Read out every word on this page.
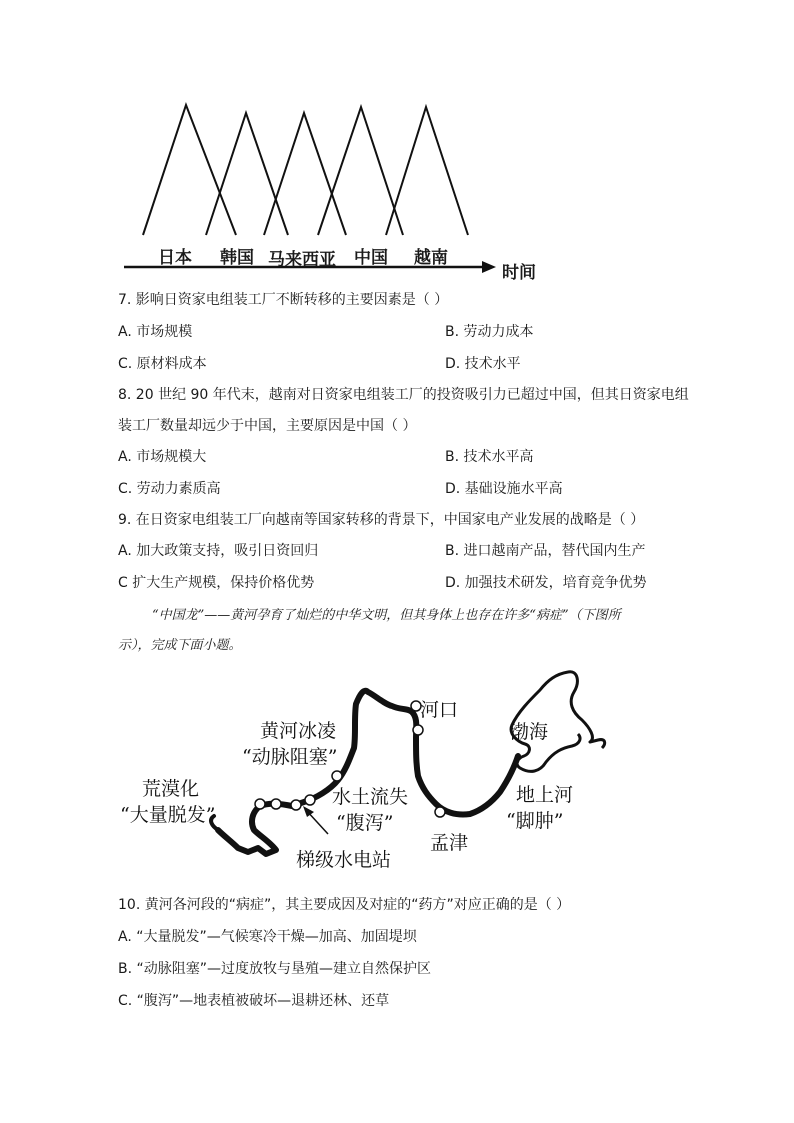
日本 韩国 马来西亚 中国 越南
时间
7. 影响日资家电组装工厂不断转移的主要因素是（ ）
A. 市场规模	B. 劳动力成本
C. 原材料成本	D. 技术水平
8. 20 世纪 90 年代末，越南对日资家电组装工厂的投资吸引力已超过中国，但其日资家电组
装工厂数量却远少于中国，主要原因是中国（ ）
A. 市场规模大	B. 技术水平高
C. 劳动力素质高	D. 基础设施水平高
9. 在日资家电组装工厂向越南等国家转移的背景下，中国家电产业发展的战略是（ ）
A. 加大政策支持，吸引日资回归	B. 进口越南产品，替代国内生产
C 扩大生产规模，保持价格优势	D. 加强技术研发，培育竞争优势
“中国龙”——黄河孕育了灿烂的中华文明，但其身体上也存在许多“病症”（下图所
示），完成下面小题。
河口
渤海
黄河冰凌
“动脉阻塞”
荒漠化
“大量脱发”
水土流失
“腹泻”
地上河
“脚肿”
孟津
梯级水电站
10. 黄河各河段的“病症”，其主要成因及对症的“药方”对应正确的是（ ）
A. “大量脱发”—气候寒冷干燥—加高、加固堤坝
B. “动脉阻塞”—过度放牧与垦殖—建立自然保护区
C. “腹泻”—地表植被破坏—退耕还林、还草
